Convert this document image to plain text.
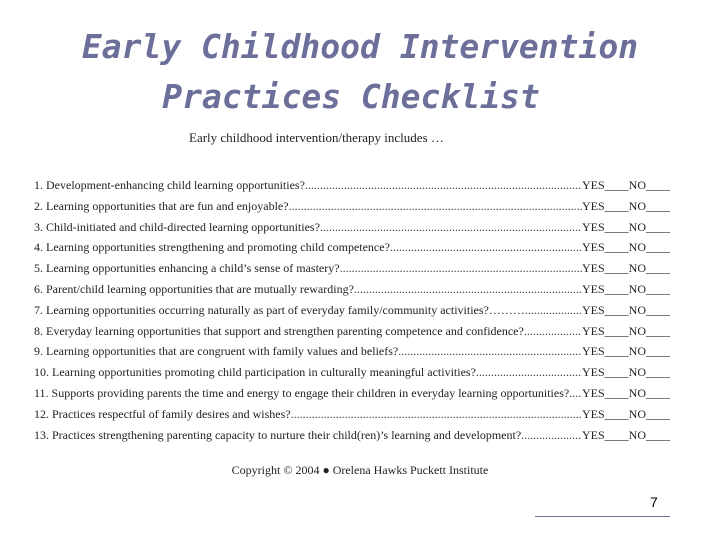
Early Childhood Intervention
Practices Checklist
Early childhood intervention/therapy includes …
1. Development-enhancing child learning opportunities? .....	YES____NO____
2. Learning opportunities that are fun and enjoyable? .....	YES____NO____
3. Child-initiated and child-directed learning opportunities? .....	YES____NO____
4. Learning opportunities strengthening and promoting child competence? .....	YES____NO____
5. Learning opportunities enhancing a child’s sense of mastery? .....	YES____NO____
6. Parent/child learning opportunities that are mutually rewarding? .....	YES____NO____
7. Learning opportunities occurring naturally as part of everyday family/community activities?……… .....	YES____NO____
8. Everyday learning opportunities that support and strengthen parenting competence and confidence? .....	YES____NO____
9. Learning opportunities that are congruent with family values and beliefs? .....	YES____NO____
10. Learning opportunities promoting child participation in culturally meaningful activities? .....	YES____NO____
11. Supports providing parents the time and energy to engage their children in everyday learning opportunities? ..... YES____NO____
12. Practices respectful of family desires and wishes? .....	YES____NO____
13. Practices strengthening parenting capacity to nurture their child(ren)’s learning and development? .....	YES____NO____
Copyright © 2004 ● Orelena Hawks Puckett Institute
7
